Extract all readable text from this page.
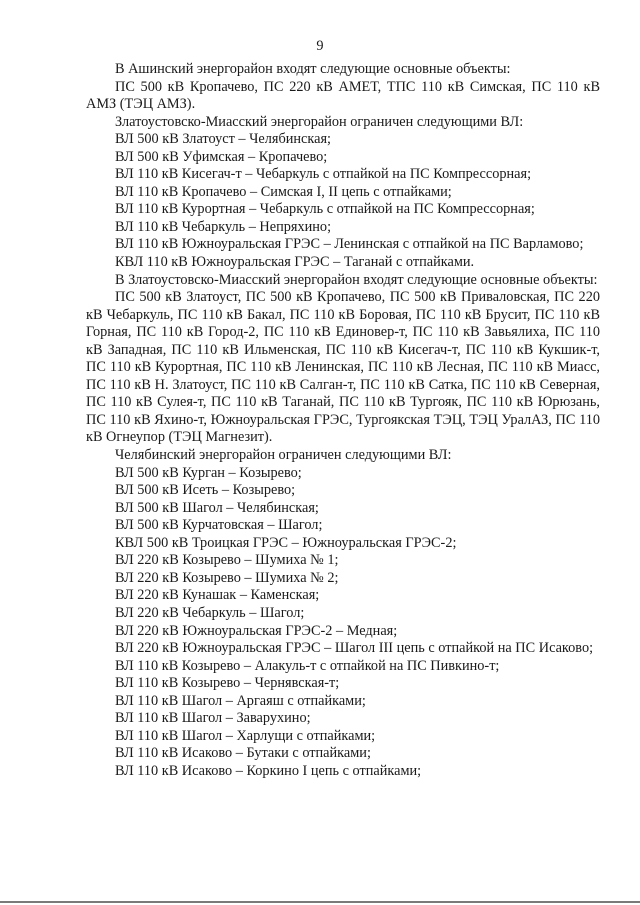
9

В Ашинский энергорайон входят следующие основные объекты:

ПС 500 кВ Кропачево, ПС 220 кВ АМЕТ, ТПС 110 кВ Симская, ПС 110 кВ АМЗ (ТЭЦ АМЗ).

Златоустовско-Миасский энергорайон ограничен следующими ВЛ:

ВЛ 500 кВ Златоуст – Челябинская;

ВЛ 500 кВ Уфимская – Кропачево;

ВЛ 110 кВ Кисегач-т – Чебаркуль с отпайкой на ПС Компрессорная;

ВЛ 110 кВ Кропачево – Симская I, II цепь с отпайками;

ВЛ 110 кВ Курортная – Чебаркуль с отпайкой на ПС Компрессорная;

ВЛ 110 кВ Чебаркуль – Непряхино;

ВЛ 110 кВ Южноуральская ГРЭС – Ленинская с отпайкой на ПС Варламово;

КВЛ 110 кВ Южноуральская ГРЭС – Таганай с отпайками.

В Златоустовско-Миасский энергорайон входят следующие основные объекты:

ПС 500 кВ Златоуст, ПС 500 кВ Кропачево, ПС 500 кВ Приваловская, ПС 220 кВ Чебаркуль, ПС 110 кВ Бакал, ПС 110 кВ Боровая, ПС 110 кВ Брусит, ПС 110 кВ Горная, ПС 110 кВ Город-2, ПС 110 кВ Единовер-т, ПС 110 кВ Завьялиха, ПС 110 кВ Западная, ПС 110 кВ Ильменская, ПС 110 кВ Кисегач-т, ПС 110 кВ Кукшик-т, ПС 110 кВ Курортная, ПС 110 кВ Ленинская, ПС 110 кВ Лесная, ПС 110 кВ Миасс, ПС 110 кВ Н. Златоуст, ПС 110 кВ Салган-т, ПС 110 кВ Сатка, ПС 110 кВ Северная, ПС 110 кВ Сулея-т, ПС 110 кВ Таганай, ПС 110 кВ Тургояк, ПС 110 кВ Юрюзань, ПС 110 кВ Яхино-т, Южноуральская ГРЭС, Тургоякская ТЭЦ, ТЭЦ УралАЗ, ПС 110 кВ Огнеупор (ТЭЦ Магнезит).

Челябинский энергорайон ограничен следующими ВЛ:

ВЛ 500 кВ Курган – Козырево;

ВЛ 500 кВ Исеть – Козырево;

ВЛ 500 кВ Шагол – Челябинская;

ВЛ 500 кВ Курчатовская – Шагол;

КВЛ 500 кВ Троицкая ГРЭС – Южноуральская ГРЭС-2;

ВЛ 220 кВ Козырево – Шумиха № 1;

ВЛ 220 кВ Козырево – Шумиха № 2;

ВЛ 220 кВ Кунашак – Каменская;

ВЛ 220 кВ Чебаркуль – Шагол;

ВЛ 220 кВ Южноуральская ГРЭС-2 – Медная;

ВЛ 220 кВ Южноуральская ГРЭС – Шагол III цепь с отпайкой на ПС Исаково;

ВЛ 110 кВ Козырево – Алакуль-т с отпайкой на ПС Пивкино-т;

ВЛ 110 кВ Козырево – Чернявская-т;

ВЛ 110 кВ Шагол – Аргаяш с отпайками;

ВЛ 110 кВ Шагол – Заварухино;

ВЛ 110 кВ Шагол – Харлущи с отпайками;

ВЛ 110 кВ Исаково – Бутаки с отпайками;

ВЛ 110 кВ Исаково – Коркино I цепь с отпайками;
